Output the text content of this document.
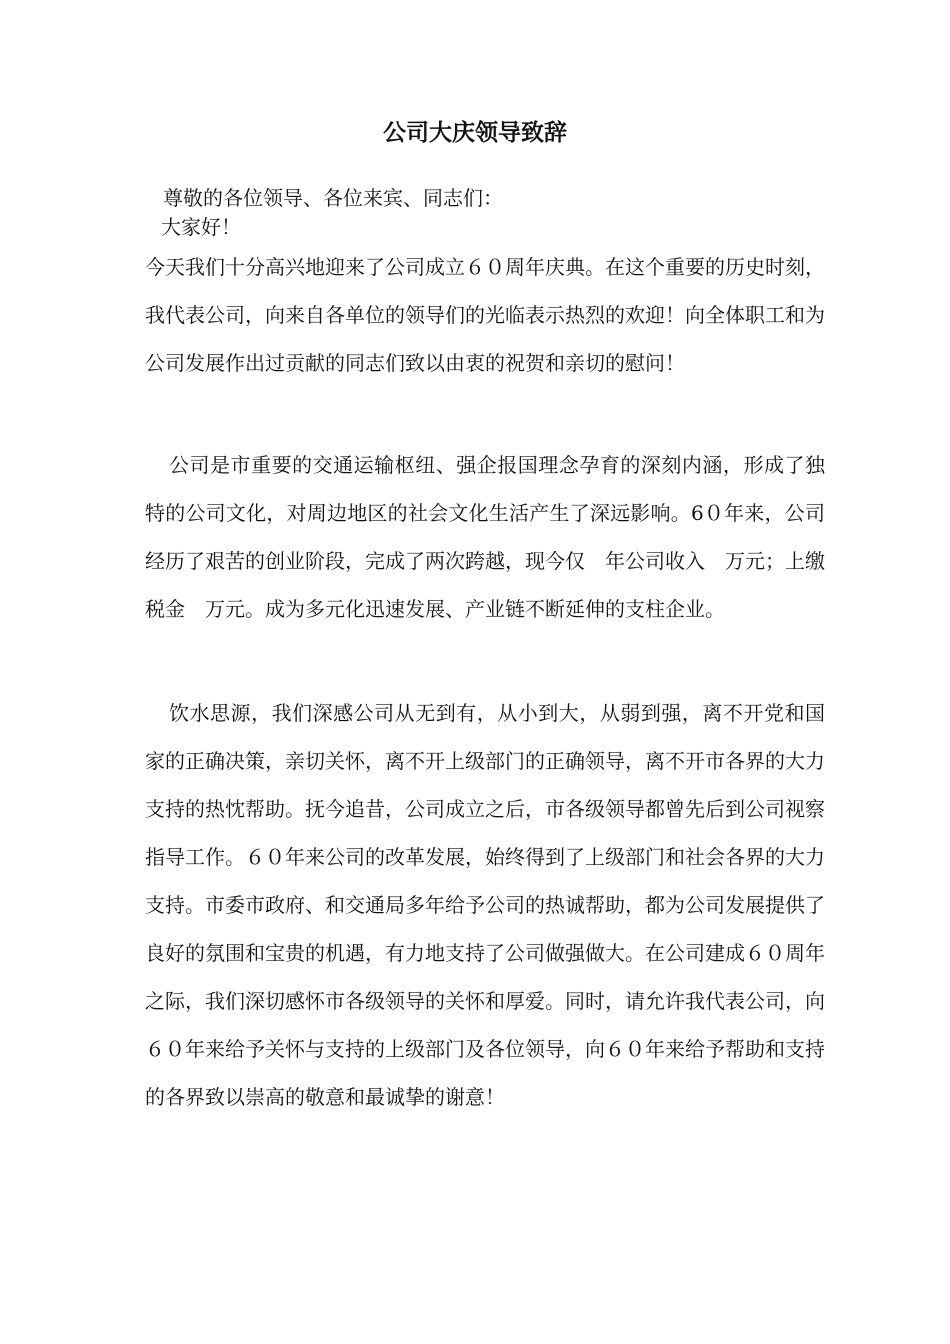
公司大庆领导致辞
尊敬的各位领导、各位来宾、同志们：
大家好！

今天我们十分高兴地迎来了公司成立６０周年庆典。在这个重要的历史时刻，我代表公司，向来自各单位的领导们的光临表示热烈的欢迎！向全体职工和为公司发展作出过贡献的同志们致以由衷的祝贺和亲切的慰问！

公司是市重要的交通运输枢纽、强企报国理念孕育的深刻内涵，形成了独特的公司文化，对周边地区的社会文化生活产生了深远影响。6０年来，公司经历了艰苦的创业阶段，完成了两次跨越，现今仅　年公司收入　万元；上缴税金　万元。成为多元化迅速发展、产业链不断延伸的支柱企业。

饮水思源，我们深感公司从无到有，从小到大，从弱到强，离不开党和国家的正确决策，亲切关怀，离不开上级部门的正确领导，离不开市各界的大力支持的热忱帮助。抚今追昔，公司成立之后，市各级领导都曾先后到公司视察指导工作。６０年来公司的改革发展，始终得到了上级部门和社会各界的大力支持。市委市政府、和交通局多年给予公司的热诚帮助，都为公司发展提供了良好的氛围和宝贵的机遇，有力地支持了公司做强做大。在公司建成６０周年之际，我们深切感怀市各级领导的关怀和厚爱。同时，请允许我代表公司，向６０年来给予关怀与支持的上级部门及各位领导，向６０年来给予帮助和支持的各界致以崇高的敬意和最诚挚的谢意！
